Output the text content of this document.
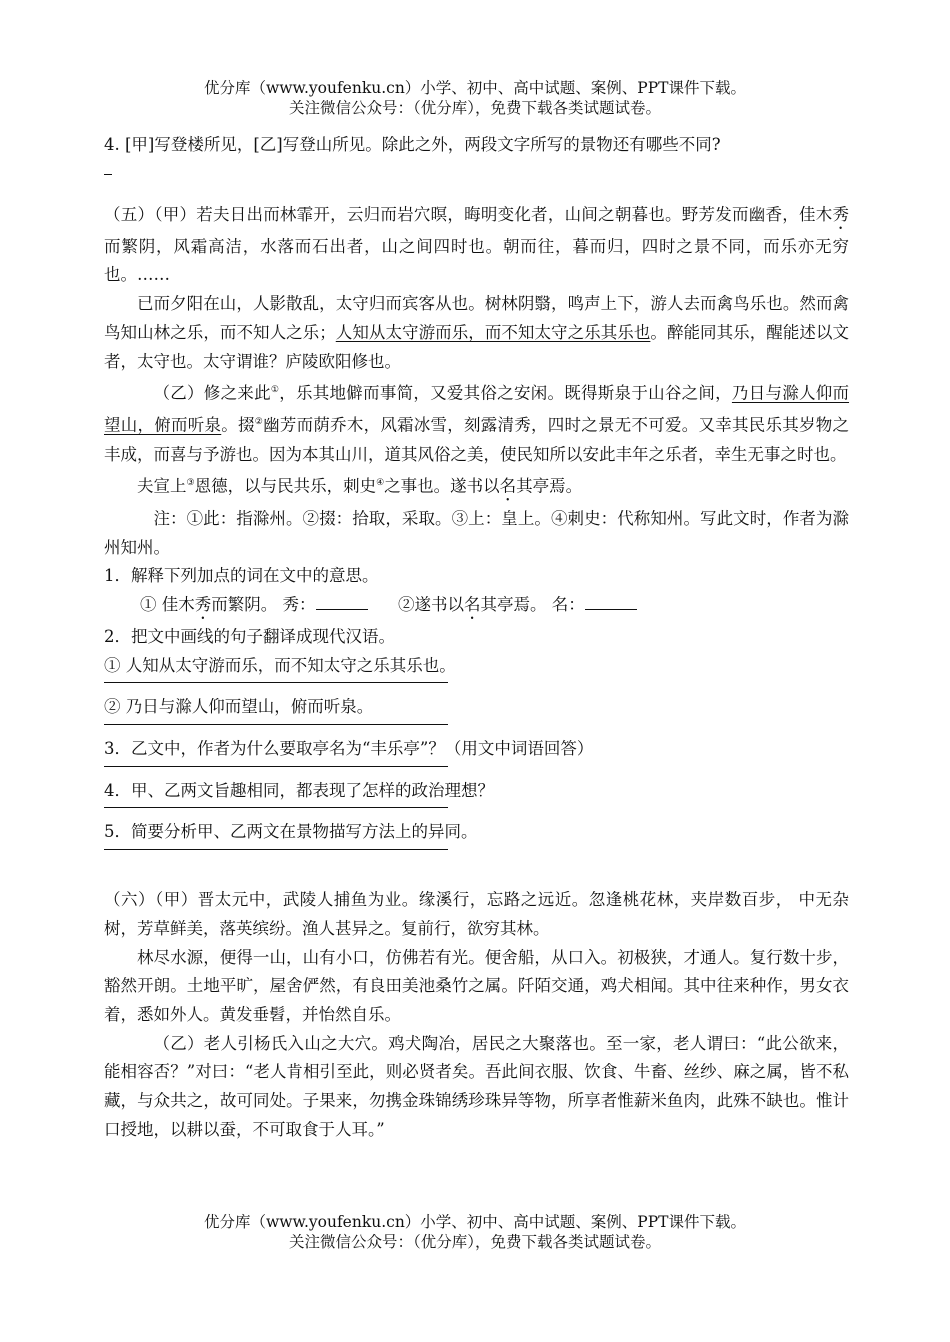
优分库（www.youfenku.cn）小学、初中、高中试题、案例、PPT课件下载。
关注微信公众号：（优分库），免费下载各类试题试卷。

4. [甲]写登楼所见，[乙]写登山所见。除此之外，两段文字所写的景物还有哪些不同?

（五）（甲）若夫日出而林霏开，云归而岩穴暝，晦明变化者，山间之朝暮也。野芳发而幽香，佳木秀而繁阴，风霜高洁，水落而石出者，山之间四时也。朝而往，暮而归，四时之景不同，而乐亦无穷也。……

已而夕阳在山，人影散乱，太守归而宾客从也。树林阴翳，鸣声上下，游人去而禽鸟乐也。然而禽鸟知山林之乐，而不知人之乐；人知从太守游而乐，而不知太守之乐其乐也。醉能同其乐，醒能述以文者，太守也。太守谓谁？庐陵欧阳修也。

（乙）修之来此①，乐其地僻而事简，又爱其俗之安闲。既得斯泉于山谷之间，乃日与滁人仰而望山，俯而听泉。掇②幽芳而荫乔木，风霜冰雪，刻露清秀，四时之景无不可爱。又幸其民乐其岁物之丰成，而喜与予游也。因为本其山川，道其风俗之美，使民知所以安此丰年之乐者，幸生无事之时也。

夫宣上③恩德，以与民共乐，刺史④之事也。遂书以名其亭焉。

注：①此：指滁州。②掇：拾取，采取。③上：皇上。④刺史：代称知州。写此文时，作者为滁州知州。

1．解释下列加点的词在文中的意思。

① 佳木秀而繁阴。 秀：	②遂书以名其亭焉。 名：

2．把文中画线的句子翻译成现代汉语。

① 人知从太守游而乐，而不知太守之乐其乐也。

② 乃日与滁人仰而望山，俯而听泉。

3．乙文中，作者为什么要取亭名为“丰乐亭”？（用文中词语回答）

4．甲、乙两文旨趣相同，都表现了怎样的政治理想？

5．简要分析甲、乙两文在景物描写方法上的异同。

（六）（甲）晋太元中，武陵人捕鱼为业。缘溪行，忘路之远近。忽逢桃花林，夹岸数百步， 中无杂树，芳草鲜美，落英缤纷。渔人甚异之。复前行，欲穷其林。

林尽水源，便得一山，山有小口，仿佛若有光。便舍船，从口入。初极狭，才通人。复行数十步，豁然开朗。土地平旷，屋舍俨然，有良田美池桑竹之属。阡陌交通，鸡犬相闻。其中往来种作，男女衣着，悉如外人。黄发垂髫，并怡然自乐。

（乙）老人引杨氏入山之大穴。鸡犬陶冶，居民之大聚落也。至一家，老人谓曰：“此公欲来，能相容否？”对曰：“老人肯相引至此，则必贤者矣。吾此间衣服、饮食、牛畜、丝纱、麻之属，皆不私藏，与众共之，故可同处。子果来，勿携金珠锦绣珍珠异等物，所享者惟薪米鱼肉，此殊不缺也。惟计口授地，以耕以蚕，不可取食于人耳。”

优分库（www.youfenku.cn）小学、初中、高中试题、案例、PPT课件下载。
关注微信公众号：（优分库），免费下载各类试题试卷。
